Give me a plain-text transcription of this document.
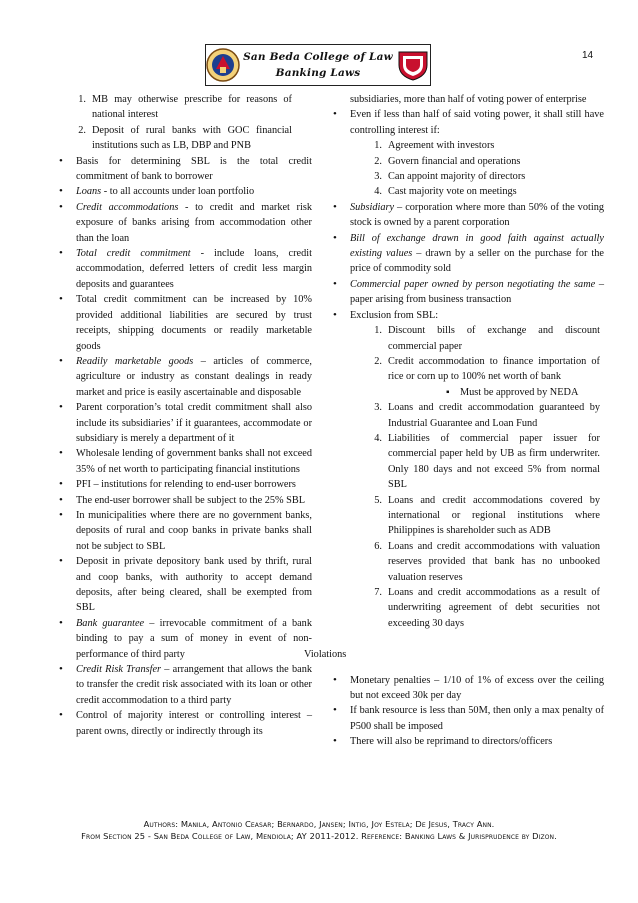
San Beda College of Law
Banking Laws
14
1. MB may otherwise prescribe for reasons of national interest
2. Deposit of rural banks with GOC financial institutions such as LB, DBP and PNB
• Basis for determining SBL is the total credit commitment of bank to borrower
• Loans - to all accounts under loan portfolio
• Credit accommodations - to credit and market risk exposure of banks arising from accommodation other than the loan
• Total credit commitment - include loans, credit accommodation, deferred letters of credit less margin deposits and guarantees
• Total credit commitment can be increased by 10% provided additional liabilities are secured by trust receipts, shipping documents or readily marketable goods
• Readily marketable goods – articles of commerce, agriculture or industry as constant dealings in ready market and price is easily ascertainable and disposable
• Parent corporation’s total credit commitment shall also include its subsidiaries’ if it guarantees, accommodate or subsidiary is merely a department of it
• Wholesale lending of government banks shall not exceed 35% of net worth to participating financial institutions
• PFI – institutions for relending to end-user borrowers
• The end-user borrower shall be subject to the 25% SBL
• In municipalities where there are no government banks, deposits of rural and coop banks in private banks shall not be subject to SBL
• Deposit in private depository bank used by thrift, rural and coop banks, with authority to accept demand deposits, after being cleared, shall be exempted from SBL
• Bank guarantee – irrevocable commitment of a bank binding to pay a sum of money in event of non-performance of third party
• Credit Risk Transfer – arrangement that allows the bank to transfer the credit risk associated with its loan or other credit accommodation to a third party
• Control of majority interest or controlling interest – parent owns, directly or indirectly through its
subsidiaries, more than half of voting power of enterprise
• Even if less than half of said voting power, it shall still have controlling interest if:
1. Agreement with investors
2. Govern financial and operations
3. Can appoint majority of directors
4. Cast majority vote on meetings
• Subsidiary – corporation where more than 50% of the voting stock is owned by a parent corporation
• Bill of exchange drawn in good faith against actually existing values – drawn by a seller on the purchase for the price of commodity sold
• Commercial paper owned by person negotiating the same – paper arising from business transaction
• Exclusion from SBL:
1. Discount bills of exchange and discount commercial paper
2. Credit accommodation to finance importation of rice or corn up to 100% net worth of bank
▪ Must be approved by NEDA
3. Loans and credit accommodation guaranteed by Industrial Guarantee and Loan Fund
4. Liabilities of commercial paper issuer for commercial paper held by UB as firm underwriter. Only 180 days and not exceed 5% from normal SBL
5. Loans and credit accommodations covered by international or regional institutions where Philippines is shareholder such as ADB
6. Loans and credit accommodations with valuation reserves provided that bank has no unbooked valuation reserves
7. Loans and credit accommodations as a result of underwriting agreement of debt securities not exceeding 30 days
Violations
• Monetary penalties – 1/10 of 1% of excess over the ceiling but not exceed 30k per day
• If bank resource is less than 50M, then only a max penalty of P500 shall be imposed
• There will also be reprimand to directors/officers
Authors: Manila, Antonio Ceasar; Bernardo, Jansen; Intig, Joy Estela; De Jesus, Tracy Ann.
From Section 25 - San Beda College of Law, Mendiola; AY 2011-2012. Reference: Banking Laws & Jurisprudence by Dizon.
